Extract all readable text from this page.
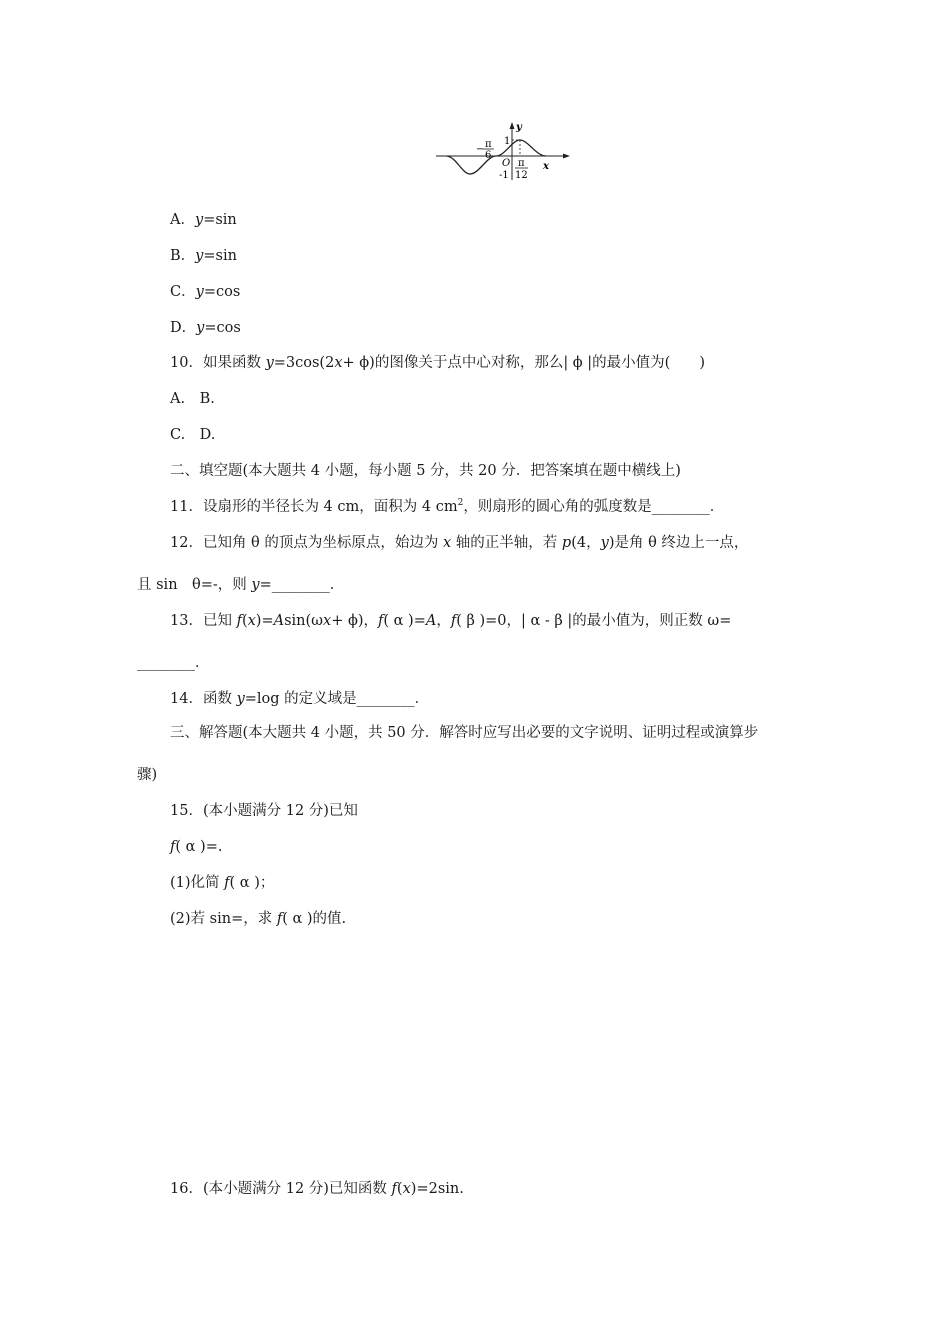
y
x
O
1
-1
− π
6
π
12
A．y=sin
B．y=sin
C．y=cos
D．y=cos
10．如果函数 y=3cos(2x+ ϕ)的图像关于点中心对称，那么| ϕ |的最小值为(　　)
A.　B.
C.　D.
二、填空题(本大题共 4 小题，每小题 5 分，共 20 分．把答案填在题中横线上)
11．设扇形的半径长为 4 cm，面积为 4 $cm^2$，则扇形的圆心角的弧度数是________．
12．已知角 θ 的顶点为坐标原点，始边为 x 轴的正半轴，若 p(4，y)是角 θ 终边上一点，
且 sin　θ=-，则 y=________．
13．已知 f(x)=Asin(ωx+ ϕ)，f( α )=A，f( β )=0，| α - β |的最小值为，则正数 ω=
________．
14．函数 y=log 的定义域是________．
三、解答题(本大题共 4 小题，共 50 分．解答时应写出必要的文字说明、证明过程或演算步
骤)
15．(本小题满分 12 分)已知
f( α )=.
(1)化简 f( α )；
(2)若 sin=，求 f( α )的值.
16．(本小题满分 12 分)已知函数 f(x)=2sin.
